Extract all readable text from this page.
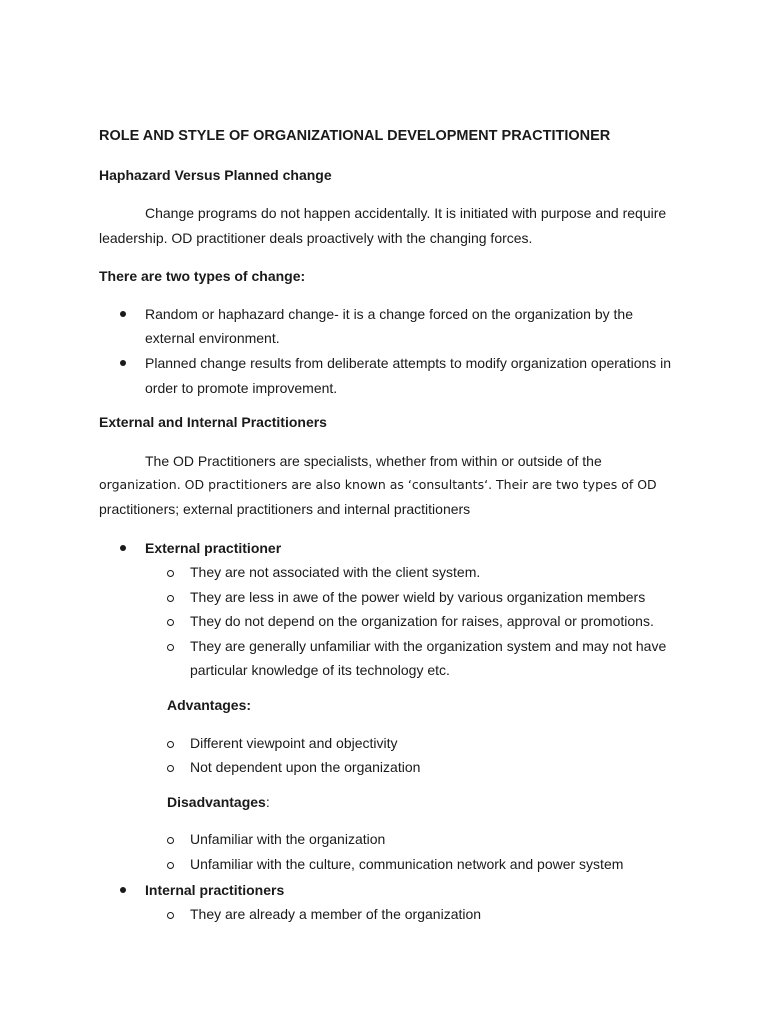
ROLE AND STYLE OF ORGANIZATIONAL DEVELOPMENT PRACTITIONER
Haphazard Versus Planned change
Change programs do not happen accidentally. It is initiated with purpose and require
leadership. OD practitioner deals proactively with the changing forces.
There are two types of change:
Random or haphazard change- it is a change forced on the organization by the
external environment.
Planned change results from deliberate attempts to modify organization operations in
order to promote improvement.
External and Internal Practitioners
The OD Practitioners are specialists, whether from within or outside of the
organization. OD practitioners are also known as ‘consultants‘. Their are two types of OD
practitioners; external practitioners and internal practitioners
External practitioner
They are not associated with the client system.
They are less in awe of the power wield by various organization members
They do not depend on the organization for raises, approval or promotions.
They are generally unfamiliar with the organization system and may not have
particular knowledge of its technology etc.
Advantages:
Different viewpoint and objectivity
Not dependent upon the organization
Disadvantages:
Unfamiliar with the organization
Unfamiliar with the culture, communication network and power system
Internal practitioners
They are already a member of the organization
